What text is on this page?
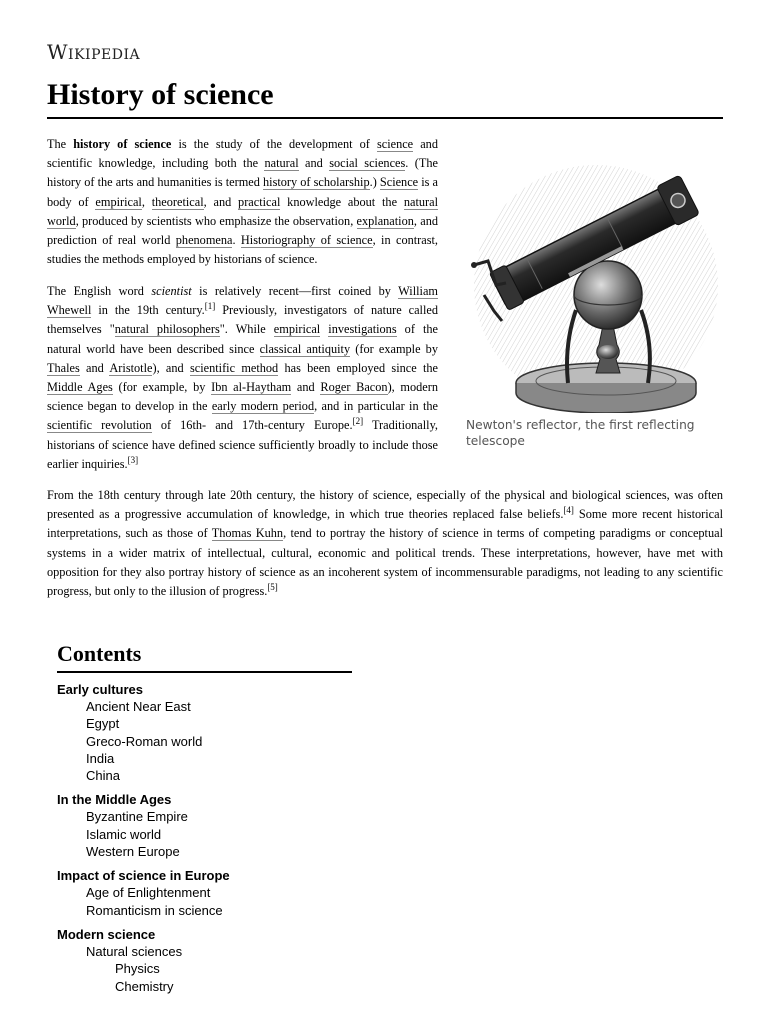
Wikipedia
History of science

The history of science is the study of the development of science and scientific knowledge, including both the natural and social sciences. (The history of the arts and humanities is termed history of scholarship.) Science is a body of empirical, theoretical, and practical knowledge about the natural world, produced by scientists who emphasize the observation, explanation, and prediction of real world phenomena. Historiography of science, in contrast, studies the methods employed by historians of science.

The English word scientist is relatively recent—first coined by William Whewell in the 19th century.[1] Previously, investigators of nature called themselves "natural philosophers". While empirical investigations of the natural world have been described since classical antiquity (for example by Thales and Aristotle), and scientific method has been employed since the Middle Ages (for example, by Ibn al-Haytham and Roger Bacon), modern science began to develop in the early modern period, and in particular in the scientific revolution of 16th- and 17th-century Europe.[2] Traditionally, historians of science have defined science sufficiently broadly to include those earlier inquiries.[3]

From the 18th century through late 20th century, the history of science, especially of the physical and biological sciences, was often presented as a progressive accumulation of knowledge, in which true theories replaced false beliefs.[4] Some more recent historical interpretations, such as those of Thomas Kuhn, tend to portray the history of science in terms of competing paradigms or conceptual systems in a wider matrix of intellectual, cultural, economic and political trends. These interpretations, however, have met with opposition for they also portray history of science as an incoherent system of incommensurable paradigms, not leading to any scientific progress, but only to the illusion of progress.[5]

Newton's reflector, the first reflecting telescope
Contents
Early cultures
Ancient Near East
Egypt
Greco-Roman world
India
China
In the Middle Ages
Byzantine Empire
Islamic world
Western Europe
Impact of science in Europe
Age of Enlightenment
Romanticism in science
Modern science
Natural sciences
Physics
Chemistry
